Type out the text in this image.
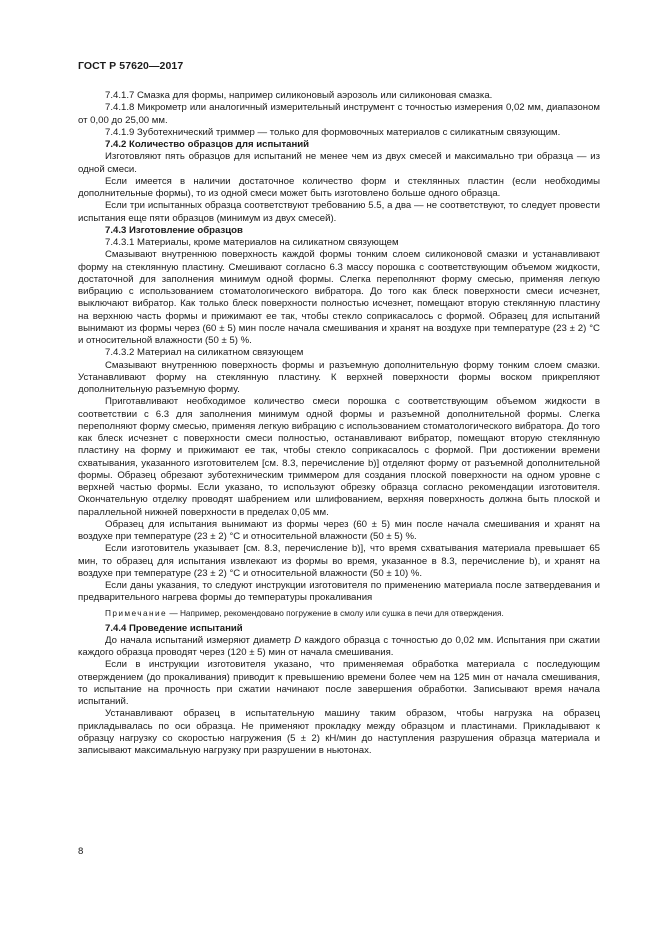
ГОСТ Р 57620—2017

7.4.1.7 Смазка для формы, например силиконовый аэрозоль или силиконовая смазка.

7.4.1.8 Микрометр или аналогичный измерительный инструмент с точностью измерения 0,02 мм, диапазоном от 0,00 до 25,00 мм.

7.4.1.9 Зуботехнический триммер — только для формовочных материалов с силикатным связующим.

7.4.2 Количество образцов для испытаний

Изготовляют пять образцов для испытаний не менее чем из двух смесей и максимально три образца — из одной смеси.

Если имеется в наличии достаточное количество форм и стеклянных пластин (если необходимы дополнительные формы), то из одной смеси может быть изготовлено больше одного образца.

Если три испытанных образца соответствуют требованию 5.5, а два — не соответствуют, то следует провести испытания еще пяти образцов (минимум из двух смесей).

7.4.3 Изготовление образцов

7.4.3.1 Материалы, кроме материалов на силикатном связующем

Смазывают внутреннюю поверхность каждой формы тонким слоем силиконовой смазки и устанавливают форму на стеклянную пластину. Смешивают согласно 6.3 массу порошка с соответствующим объемом жидкости, достаточной для заполнения минимум одной формы. Слегка переполняют форму смесью, применяя легкую вибрацию с использованием стоматологического вибратора. До того как блеск поверхности смеси исчезнет, выключают вибратор. Как только блеск поверхности полностью исчезнет, помещают вторую стеклянную пластину на верхнюю часть формы и прижимают ее так, чтобы стекло соприкасалось с формой. Образец для испытаний вынимают из формы через (60 ± 5) мин после начала смешивания и хранят на воздухе при температуре (23 ± 2) °C и относительной влажности (50 ± 5) %.

7.4.3.2 Материал на силикатном связующем

Смазывают внутреннюю поверхность формы и разъемную дополнительную форму тонким слоем смазки. Устанавливают форму на стеклянную пластину. К верхней поверхности формы воском прикрепляют дополнительную разъемную форму.

Приготавливают необходимое количество смеси порошка с соответствующим объемом жидкости в соответствии с 6.3 для заполнения минимум одной формы и разъемной дополнительной формы. Слегка переполняют форму смесью, применяя легкую вибрацию с использованием стоматологического вибратора. До того как блеск исчезнет с поверхности смеси полностью, останавливают вибратор, помещают вторую стеклянную пластину на форму и прижимают ее так, чтобы стекло соприкасалось с формой. При достижении времени схватывания, указанного изготовителем [см. 8.3, перечисление b)] отделяют форму от разъемной дополнительной формы. Образец обрезают зуботехническим триммером для создания плоской поверхности на одном уровне с верхней частью формы. Если указано, то используют обрезку образца согласно рекомендации изготовителя. Окончательную отделку проводят шабрением или шлифованием, верхняя поверхность должна быть плоской и параллельной нижней поверхности в пределах 0,05 мм.

Образец для испытания вынимают из формы через (60 ± 5) мин после начала смешивания и хранят на воздухе при температуре (23 ± 2) °C и относительной влажности (50 ± 5) %.

Если изготовитель указывает [см. 8.3, перечисление b)], что время схватывания материала превышает 65 мин, то образец для испытания извлекают из формы во время, указанное в 8.3, перечисление b), и хранят на воздухе при температуре (23 ± 2) °C и относительной влажности (50 ± 10) %.

Если даны указания, то следуют инструкции изготовителя по применению материала после затвердевания и предварительного нагрева формы до температуры прокаливания

Примечание — Например, рекомендовано погружение в смолу или сушка в печи для отверждения.

7.4.4 Проведение испытаний

До начала испытаний измеряют диаметр D каждого образца с точностью до 0,02 мм. Испытания при сжатии каждого образца проводят через (120 ± 5) мин от начала смешивания.

Если в инструкции изготовителя указано, что применяемая обработка материала с последующим отверждением (до прокаливания) приводит к превышению времени более чем на 125 мин от начала смешивания, то испытание на прочность при сжатии начинают после завершения обработки. Записывают время начала испытаний.

Устанавливают образец в испытательную машину таким образом, чтобы нагрузка на образец прикладывалась по оси образца. Не применяют прокладку между образцом и пластинами. Прикладывают к образцу нагрузку со скоростью нагружения (5 ± 2) кН/мин до наступления разрушения образца материала и записывают максимальную нагрузку при разрушении в ньютонах.

8
